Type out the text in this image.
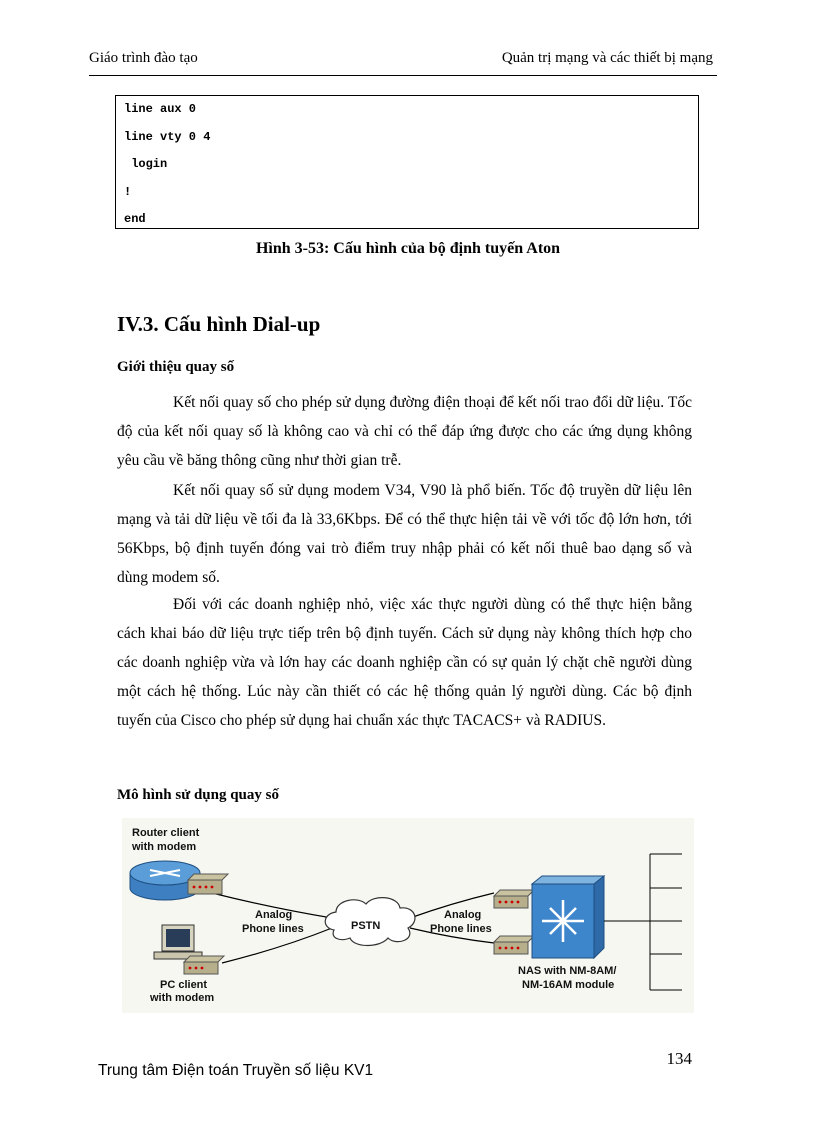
Giáo trình đào tạo	Quản trị mạng và các thiết bị mạng
line aux 0
line vty 0 4
login
!
end
Hình 3-53: Cấu hình của bộ định tuyến Aton
IV.3. Cấu hình Dial-up
Giới thiệu quay số
Kết nối quay số cho phép sử dụng đường điện thoại để kết nối trao đổi dữ liệu. Tốc độ của kết nối quay số là không cao và chỉ có thể đáp ứng được cho các ứng dụng không yêu cầu về băng thông cũng như thời gian trễ.
Kết nối quay số sử dụng modem V34, V90 là phổ biến. Tốc độ truyền dữ liệu lên mạng và tải dữ liệu về tối đa là 33,6Kbps. Để có thể thực hiện tải về với tốc độ lớn hơn, tới 56Kbps, bộ định tuyến đóng vai trò điểm truy nhập phải có kết nối thuê bao dạng số và dùng modem số.
Đối với các doanh nghiệp nhỏ, việc xác thực người dùng có thể thực hiện bằng cách khai báo dữ liệu trực tiếp trên bộ định tuyến. Cách sử dụng này không thích hợp cho các doanh nghiệp vừa và lớn hay các doanh nghiệp cần có sự quản lý chặt chẽ người dùng một cách hệ thống. Lúc này cần thiết có các hệ thống quản lý người dùng. Các bộ định tuyến của Cisco cho phép sử dụng hai chuẩn xác thực TACACS+ và RADIUS.
Mô hình sử dụng quay số
Router client
with modem
PC client
with modem
Analog
Phone lines	PSTN
Analog
Phone lines
NAS with NM-8AM/
NM-16AM module
Trung tâm Điện toán Truyền số liệu KV1
134
